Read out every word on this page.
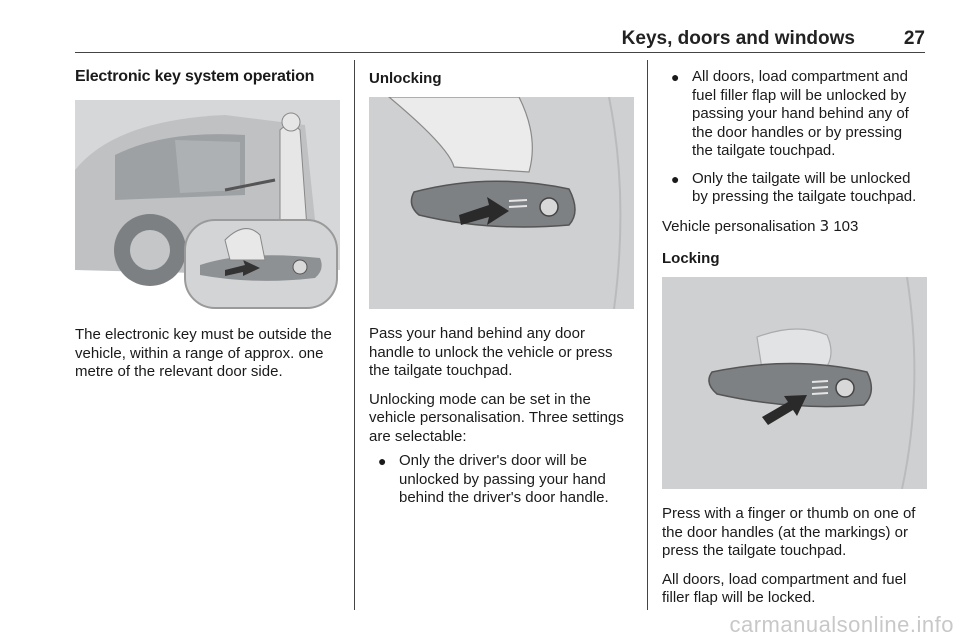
Keys, doors and windows	27
Electronic key system operation

The electronic key must be outside the vehicle, within a range of approx. one metre of the relevant door side.

Unlocking

Pass your hand behind any door handle to unlock the vehicle or press the tailgate touchpad.

Unlocking mode can be set in the vehicle personalisation. Three settings are selectable:

● Only the driver's door will be unlocked by passing your hand behind the driver's door handle.
● All doors, load compartment and fuel filler flap will be unlocked by passing your hand behind any of the door handles or by pressing the tailgate touchpad.
● Only the tailgate will be unlocked by pressing the tailgate touchpad.

Vehicle personalisation 3 103

Locking

Press with a finger or thumb on one of the door handles (at the markings) or press the tailgate touchpad.

All doors, load compartment and fuel filler flap will be locked.

carmanualsonline.info
